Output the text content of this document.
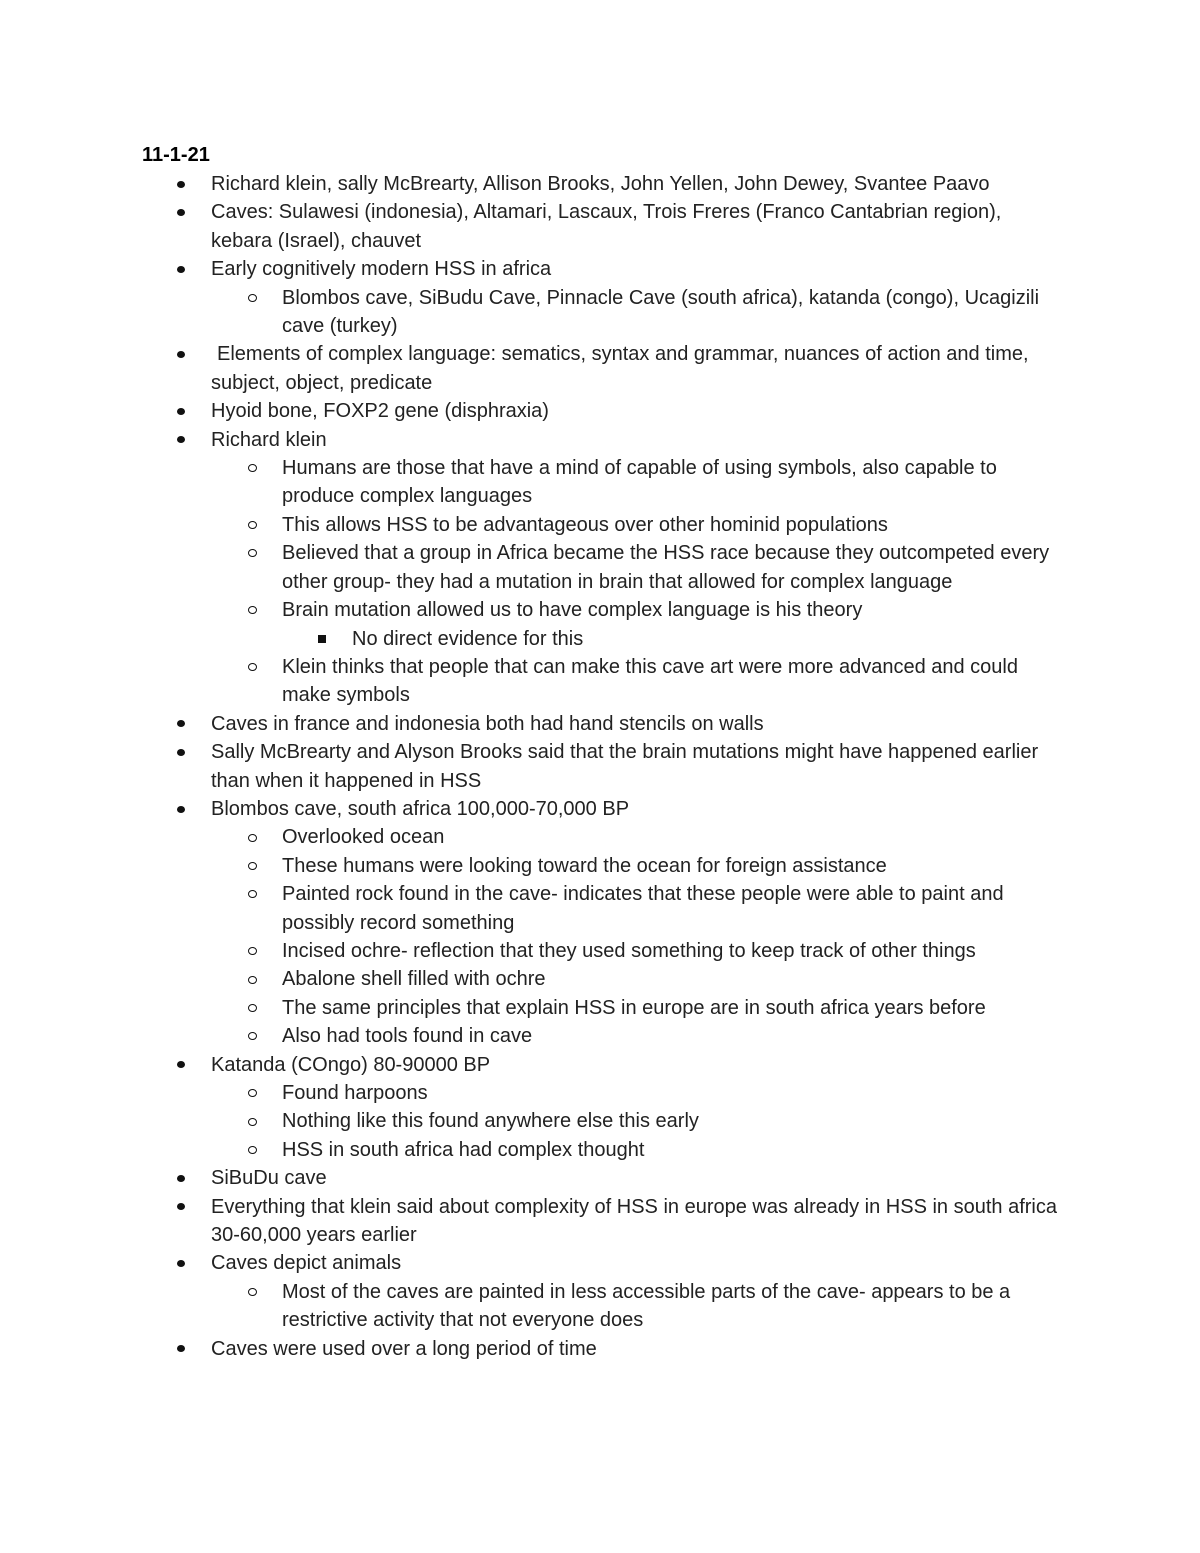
11-1-21
Richard klein, sally McBrearty, Allison Brooks, John Yellen, John Dewey, Svantee Paavo
Caves: Sulawesi (indonesia), Altamari, Lascaux, Trois Freres (Franco Cantabrian region), kebara (Israel), chauvet
Early cognitively modern HSS in africa
Blombos cave, SiBudu Cave, Pinnacle Cave (south africa), katanda (congo), Ucagizili cave (turkey)
Elements of complex language: sematics, syntax and grammar, nuances of action and time, subject, object, predicate
Hyoid bone, FOXP2 gene (disphraxia)
Richard klein
Humans are those that have a mind of capable of using symbols, also capable to produce complex languages
This allows HSS to be advantageous over other hominid populations
Believed that a group in Africa became the HSS race because they outcompeted every other group- they had a mutation in brain that allowed for complex language
Brain mutation allowed us to have complex language is his theory
No direct evidence for this
Klein thinks that people that can make this cave art were more advanced and could make symbols
Caves in france and indonesia both had hand stencils on walls
Sally McBrearty and Alyson Brooks said that the brain mutations might have happened earlier than when it happened in HSS
Blombos cave, south africa 100,000-70,000 BP
Overlooked ocean
These humans were looking toward the ocean for foreign assistance
Painted rock found in the cave- indicates that these people were able to paint and possibly record something
Incised ochre- reflection that they used something to keep track of other things
Abalone shell filled with ochre
The same principles that explain HSS in europe are in south africa years before
Also had tools found in cave
Katanda (COngo) 80-90000 BP
Found harpoons
Nothing like this found anywhere else this early
HSS in south africa had complex thought
SiBuDu cave
Everything that klein said about complexity of HSS in europe was already in HSS in south africa 30-60,000 years earlier
Caves depict animals
Most of the caves are painted in less accessible parts of the cave- appears to be a restrictive activity that not everyone does
Caves were used over a long period of time
